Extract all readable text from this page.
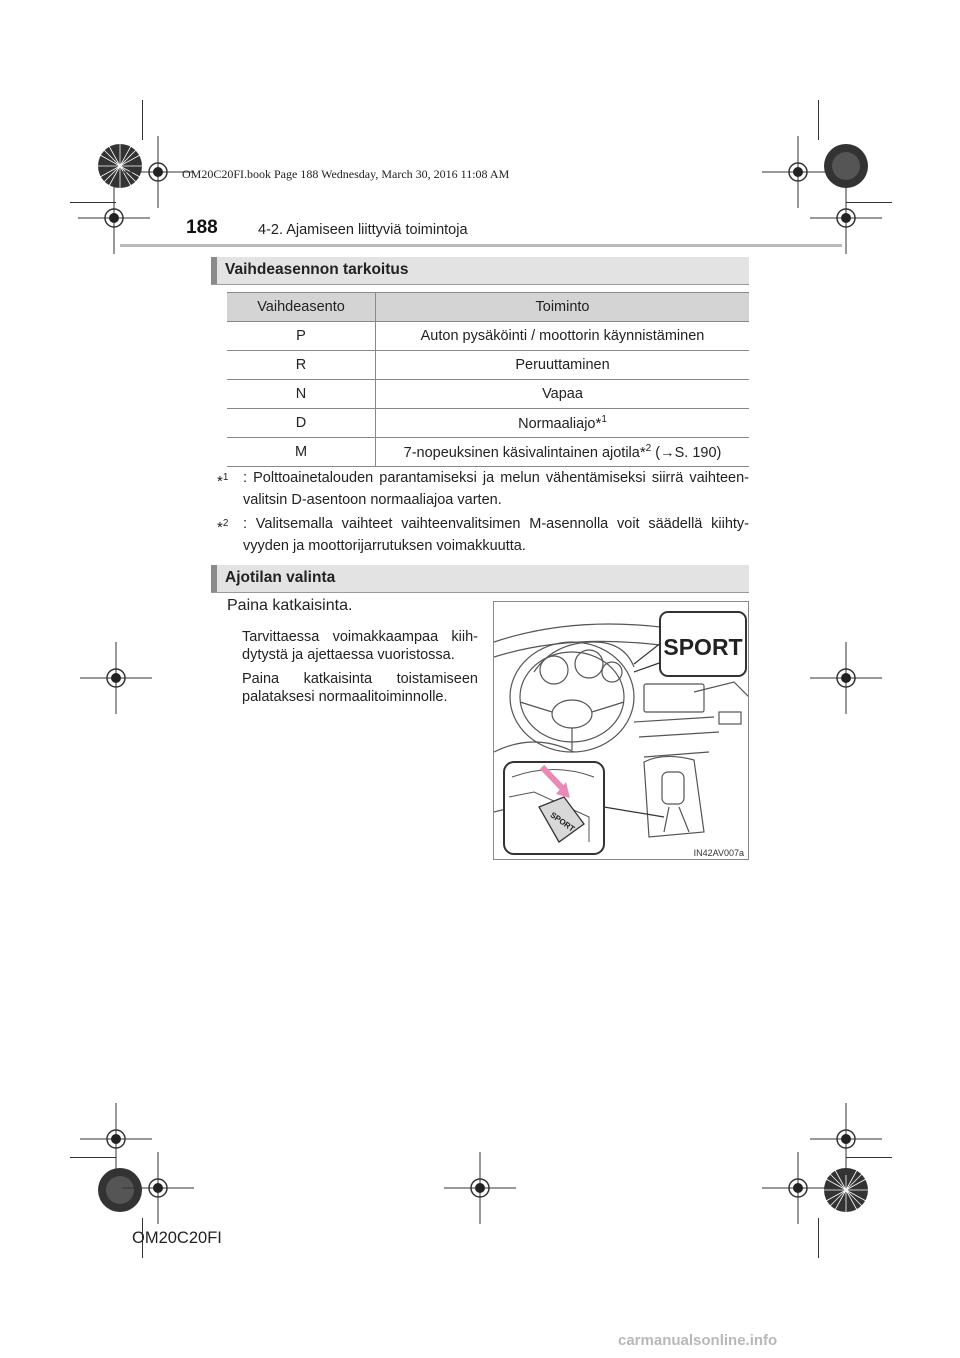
OM20C20FI.book Page 188 Wednesday, March 30, 2016 11:08 AM
188	4-2. Ajamiseen liittyviä toimintoja
Vaihdeasennon tarkoitus
Vaihdeasento	Toiminto
P	Auton pysäköinti / moottorin käynnistäminen
R	Peruuttaminen
N	Vapaa
D	Normaaliajo*$^1$
M	7-nopeuksinen käsivalintainen ajotila*$^2$ (→S. 190)
*$^1$ : Polttoainetalouden parantamiseksi ja melun vähentämiseksi siirrä vaihteen-valitsin D-asentoon normaaliajoa varten.
*$^2$ : Valitsemalla vaihteet vaihteenvalitsimen M-asennolla voit säädellä kiihty-vyyden ja moottorijarrutuksen voimakkuutta.
Ajotilan valinta
Paina katkaisinta.
Tarvittaessa voimakkaampaa kiih-dytystä ja ajettaessa vuoristossa.
Paina katkaisinta toistamiseen palataksesi normaalitoiminnolle.
SPORT
SPORT
IN42AV007a
OM20C20FI
carmanualsonline.info
